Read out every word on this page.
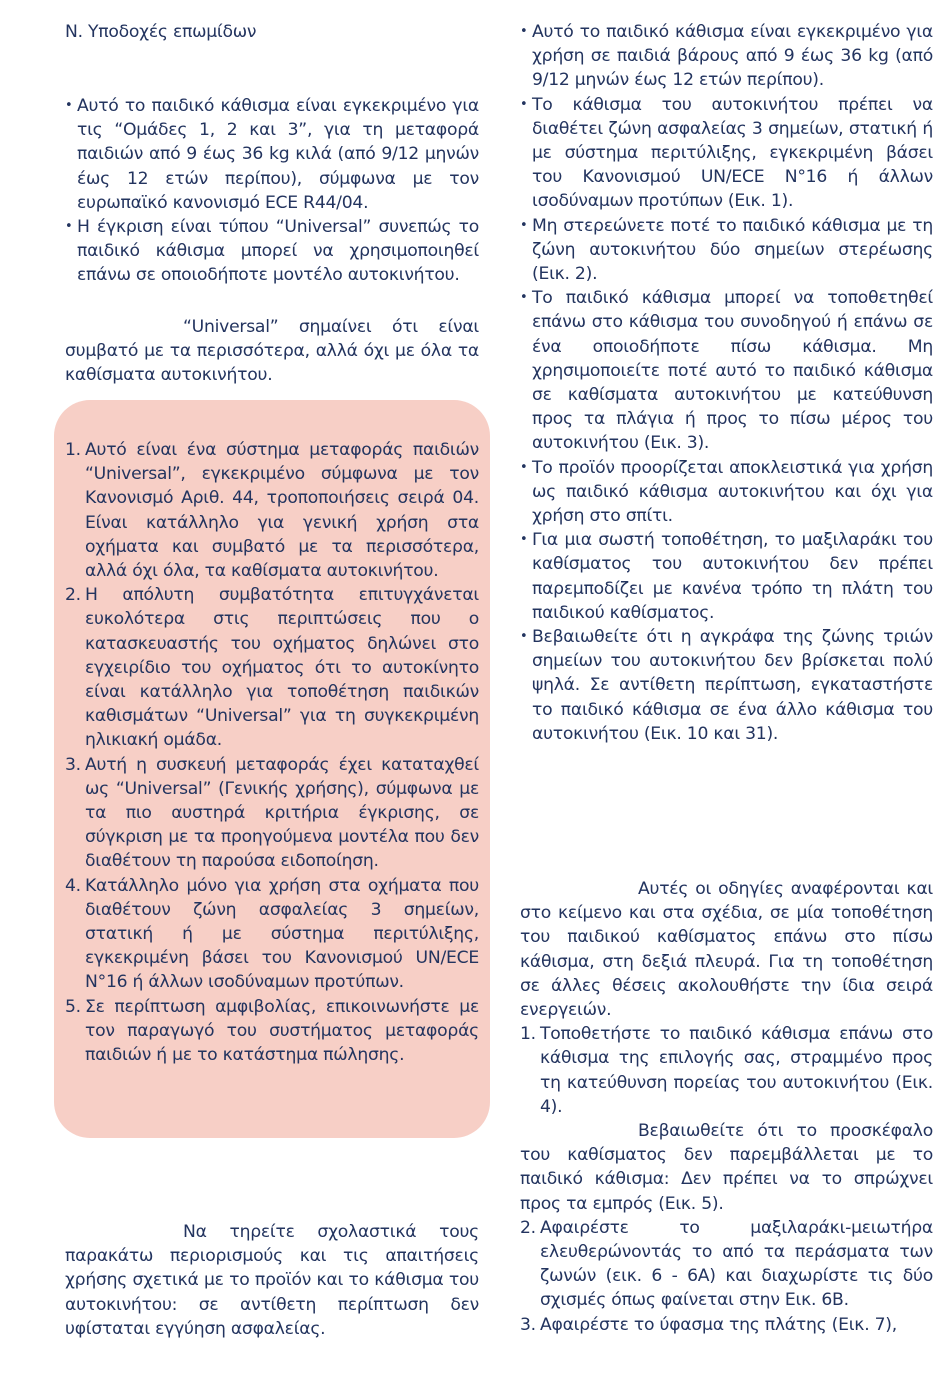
Ν. Υποδοχές επωμίδων
• Αυτό το παιδικό κάθισμα είναι εγκεκριμένο για τις “Ομάδες 1, 2 και 3”, για τη μεταφορά παιδιών από 9 έως 36 kg κιλά (από 9/12 μηνών έως 12 ετών περίπου), σύμφωνα με τον ευρωπαϊκό κανονισμό ECE R44/04.
• Η έγκριση είναι τύπου “Universal” συνεπώς το παιδικό κάθισμα μπορεί να χρησιμοποιηθεί επάνω σε οποιοδήποτε μοντέλο αυτοκινήτου.
“Universal” σημαίνει ότι είναι συμβατό με τα περισσότερα, αλλά όχι με όλα τα καθίσματα αυτοκινήτου.
1. Αυτό είναι ένα σύστημα μεταφοράς παιδιών “Universal”, εγκεκριμένο σύμφωνα με τον Κανονισμό Αριθ. 44, τροποποιήσεις σειρά 04. Είναι κατάλληλο για γενική χρήση στα οχήματα και συμβατό με τα περισσότερα, αλλά όχι όλα, τα καθίσματα αυτοκινήτου.
2. Η απόλυτη συμβατότητα επιτυγχάνεται ευκολότερα στις περιπτώσεις που ο κατασκευαστής του οχήματος δηλώνει στο εγχειρίδιο του οχήματος ότι το αυτοκίνητο είναι κατάλληλο για τοποθέτηση παιδικών καθισμάτων “Universal” για τη συγκεκριμένη ηλικιακή ομάδα.
3. Αυτή η συσκευή μεταφοράς έχει καταταχθεί ως “Universal” (Γενικής χρήσης), σύμφωνα με τα πιο αυστηρά κριτήρια έγκρισης, σε σύγκριση με τα προηγούμενα μοντέλα που δεν διαθέτουν τη παρούσα ειδοποίηση.
4. Κατάλληλο μόνο για χρήση στα οχήματα που διαθέτουν ζώνη ασφαλείας 3 σημείων, στατική ή με σύστημα περιτύλιξης, εγκεκριμένη βάσει του Κανονισμού UN/ECE N°16 ή άλλων ισοδύναμων προτύπων.
5. Σε περίπτωση αμφιβολίας, επικοινωνήστε με τον παραγωγό του συστήματος μεταφοράς παιδιών ή με το κατάστημα πώλησης.
Να τηρείτε σχολαστικά τους παρακάτω περιορισμούς και τις απαιτήσεις χρήσης σχετικά με το προϊόν και το κάθισμα του αυτοκινήτου: σε αντίθετη περίπτωση δεν υφίσταται εγγύηση ασφαλείας.
• Αυτό το παιδικό κάθισμα είναι εγκεκριμένο για χρήση σε παιδιά βάρους από 9 έως 36 kg (από 9/12 μηνών έως 12 ετών περίπου).
• Το κάθισμα του αυτοκινήτου πρέπει να διαθέτει ζώνη ασφαλείας 3 σημείων, στατική ή με σύστημα περιτύλιξης, εγκεκριμένη βάσει του Κανονισμού UN/ECE N°16 ή άλλων ισοδύναμων προτύπων (Εικ. 1).
• Μη στερεώνετε ποτέ το παιδικό κάθισμα με τη ζώνη αυτοκινήτου δύο σημείων στερέωσης (Εικ. 2).
• Το παιδικό κάθισμα μπορεί να τοποθετηθεί επάνω στο κάθισμα του συνοδηγού ή επάνω σε ένα οποιοδήποτε πίσω κάθισμα. Μη χρησιμοποιείτε ποτέ αυτό το παιδικό κάθισμα σε καθίσματα αυτοκινήτου με κατεύθυνση προς τα πλάγια ή προς το πίσω μέρος του αυτοκινήτου (Εικ. 3).
• Το προϊόν προορίζεται αποκλειστικά για χρήση ως παιδικό κάθισμα αυτοκινήτου και όχι για χρήση στο σπίτι.
• Για μια σωστή τοποθέτηση, το μαξιλαράκι του καθίσματος του αυτοκινήτου δεν πρέπει παρεμποδίζει με κανένα τρόπο τη πλάτη του παιδικού καθίσματος.
• Βεβαιωθείτε ότι η αγκράφα της ζώνης τριών σημείων του αυτοκινήτου δεν βρίσκεται πολύ ψηλά. Σε αντίθετη περίπτωση, εγκαταστήστε το παιδικό κάθισμα σε ένα άλλο κάθισμα του αυτοκινήτου (Εικ. 10 και 31).
Αυτές οι οδηγίες αναφέρονται και στο κείμενο και στα σχέδια, σε μία τοποθέτηση του παιδικού καθίσματος επάνω στο πίσω κάθισμα, στη δεξιά πλευρά. Για τη τοποθέτηση σε άλλες θέσεις ακολουθήστε την ίδια σειρά ενεργειών.
1. Τοποθετήστε το παιδικό κάθισμα επάνω στο κάθισμα της επιλογής σας, στραμμένο προς τη κατεύθυνση πορείας του αυτοκινήτου (Εικ. 4).
Βεβαιωθείτε ότι το προσκέφαλο του καθίσματος δεν παρεμβάλλεται με το παιδικό κάθισμα: Δεν πρέπει να το σπρώχνει προς τα εμπρός (Εικ. 5).
2. Αφαιρέστε το μαξιλαράκι-μειωτήρα ελευθερώνοντάς το από τα περάσματα των ζωνών (εικ. 6 - 6Α) και διαχωρίστε τις δύο σχισμές όπως φαίνεται στην Εικ. 6Β.
3. Αφαιρέστε το ύφασμα της πλάτης (Εικ. 7),
